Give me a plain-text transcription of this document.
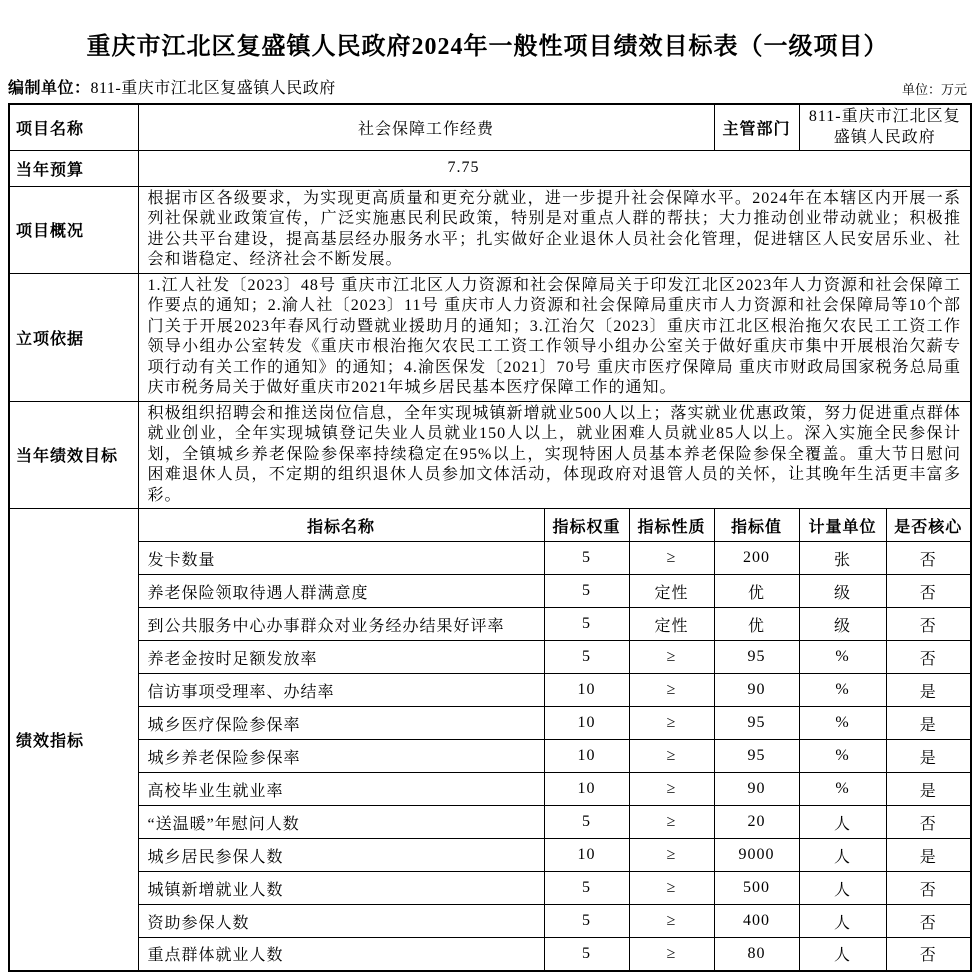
重庆市江北区复盛镇人民政府2024年一般性项目绩效目标表（一级项目）
编制单位：811-重庆市江北区复盛镇人民政府	单位：万元
项目名称	社会保障工作经费			主管部门	811-重庆市江北区复盛镇人民政府	
当年预算	7.75					

项目概况	根据市区各级要求，为实现更高质量和更充分就业，进一步提升社会保障水平。2024年在本辖区内开展一系列社保就业政策宣传，广泛实施惠民利民政策，特别是对重点人群的帮扶；大力推动创业带动就业；积极推进公共平台建设，提高基层经办服务水平；扎实做好企业退休人员社会化管理，促进辖区人民安居乐业、社会和谐稳定、经济社会不断发展。					
立项依据	1.江人社发〔2023〕48号 重庆市江北区人力资源和社会保障局关于印发江北区2023年人力资源和社会保障工作要点的通知；2.渝人社〔2023〕11号 重庆市人力资源和社会保障局重庆市人力资源和社会保障局等10个部门关于开展2023年春风行动暨就业援助月的通知；3.江治欠〔2023〕重庆市江北区根治拖欠农民工工资工作领导小组办公室转发《重庆市根治拖欠农民工工资工作领导小组办公室关于做好重庆市集中开展根治欠薪专项行动有关工作的通知》的通知；4.渝医保发〔2021〕70号 重庆市医疗保障局 重庆市财政局国家税务总局重庆市税务局关于做好重庆市2021年城乡居民基本医疗保障工作的通知。					
当年绩效目标	积极组织招聘会和推送岗位信息，全年实现城镇新增就业500人以上；落实就业优惠政策，努力促进重点群体就业创业，全年实现城镇登记失业人员就业150人以上，就业困难人员就业85人以上。深入实施全民参保计划，全镇城乡养老保险参保率持续稳定在95%以上，实现特困人员基本养老保险参保全覆盖。重大节日慰问困难退休人员，不定期的组织退休人员参加文体活动，体现政府对退管人员的关怀，让其晚年生活更丰富多彩。					
绩效指标	指标名称	指标权重	指标性质	指标值	计量单位	是否核心
	发卡数量	5	≥	200	张	否
	养老保险领取待遇人群满意度	5	定性	优	级	否
	到公共服务中心办事群众对业务经办结果好评率	5	定性	优	级	否
	养老金按时足额发放率	5	≥	95	%	否
	信访事项受理率、办结率	10	≥	90	%	是
	城乡医疗保险参保率	10	≥	95	%	是
	城乡养老保险参保率	10	≥	95	%	是
	高校毕业生就业率	10	≥	90	%	是
	“送温暖”年慰问人数	5	≥	20	人	否
	城乡居民参保人数	10	≥	9000	人	是
	城镇新增就业人数	5	≥	500	人	否
	资助参保人数	5	≥	400	人	否
	重点群体就业人数	5	≥	80	人	否
